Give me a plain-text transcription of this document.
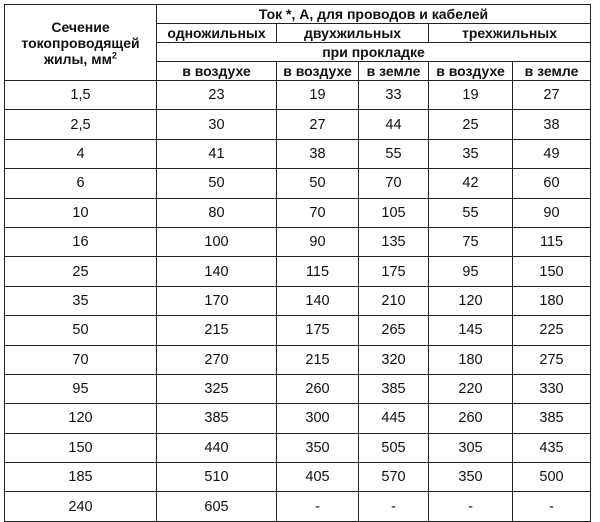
Сечение
токопроводящей
жилы, $мм^2$	Ток *, А, для проводов и кабелей				
	одножильных	двухжильных		трехжильных	
	при прокладке				
	в воздухе	в воздухе	в земле	в воздухе	в земле
1,5	23	19	33	19	27
2,5	30	27	44	25	38
4	41	38	55	35	49
6	50	50	70	42	60
10	80	70	105	55	90
16	100	90	135	75	115
25	140	115	175	95	150
35	170	140	210	120	180
50	215	175	265	145	225
70	270	215	320	180	275
95	325	260	385	220	330
120	385	300	445	260	385
150	440	350	505	305	435
185	510	405	570	350	500
240	605	-	-	-	-
